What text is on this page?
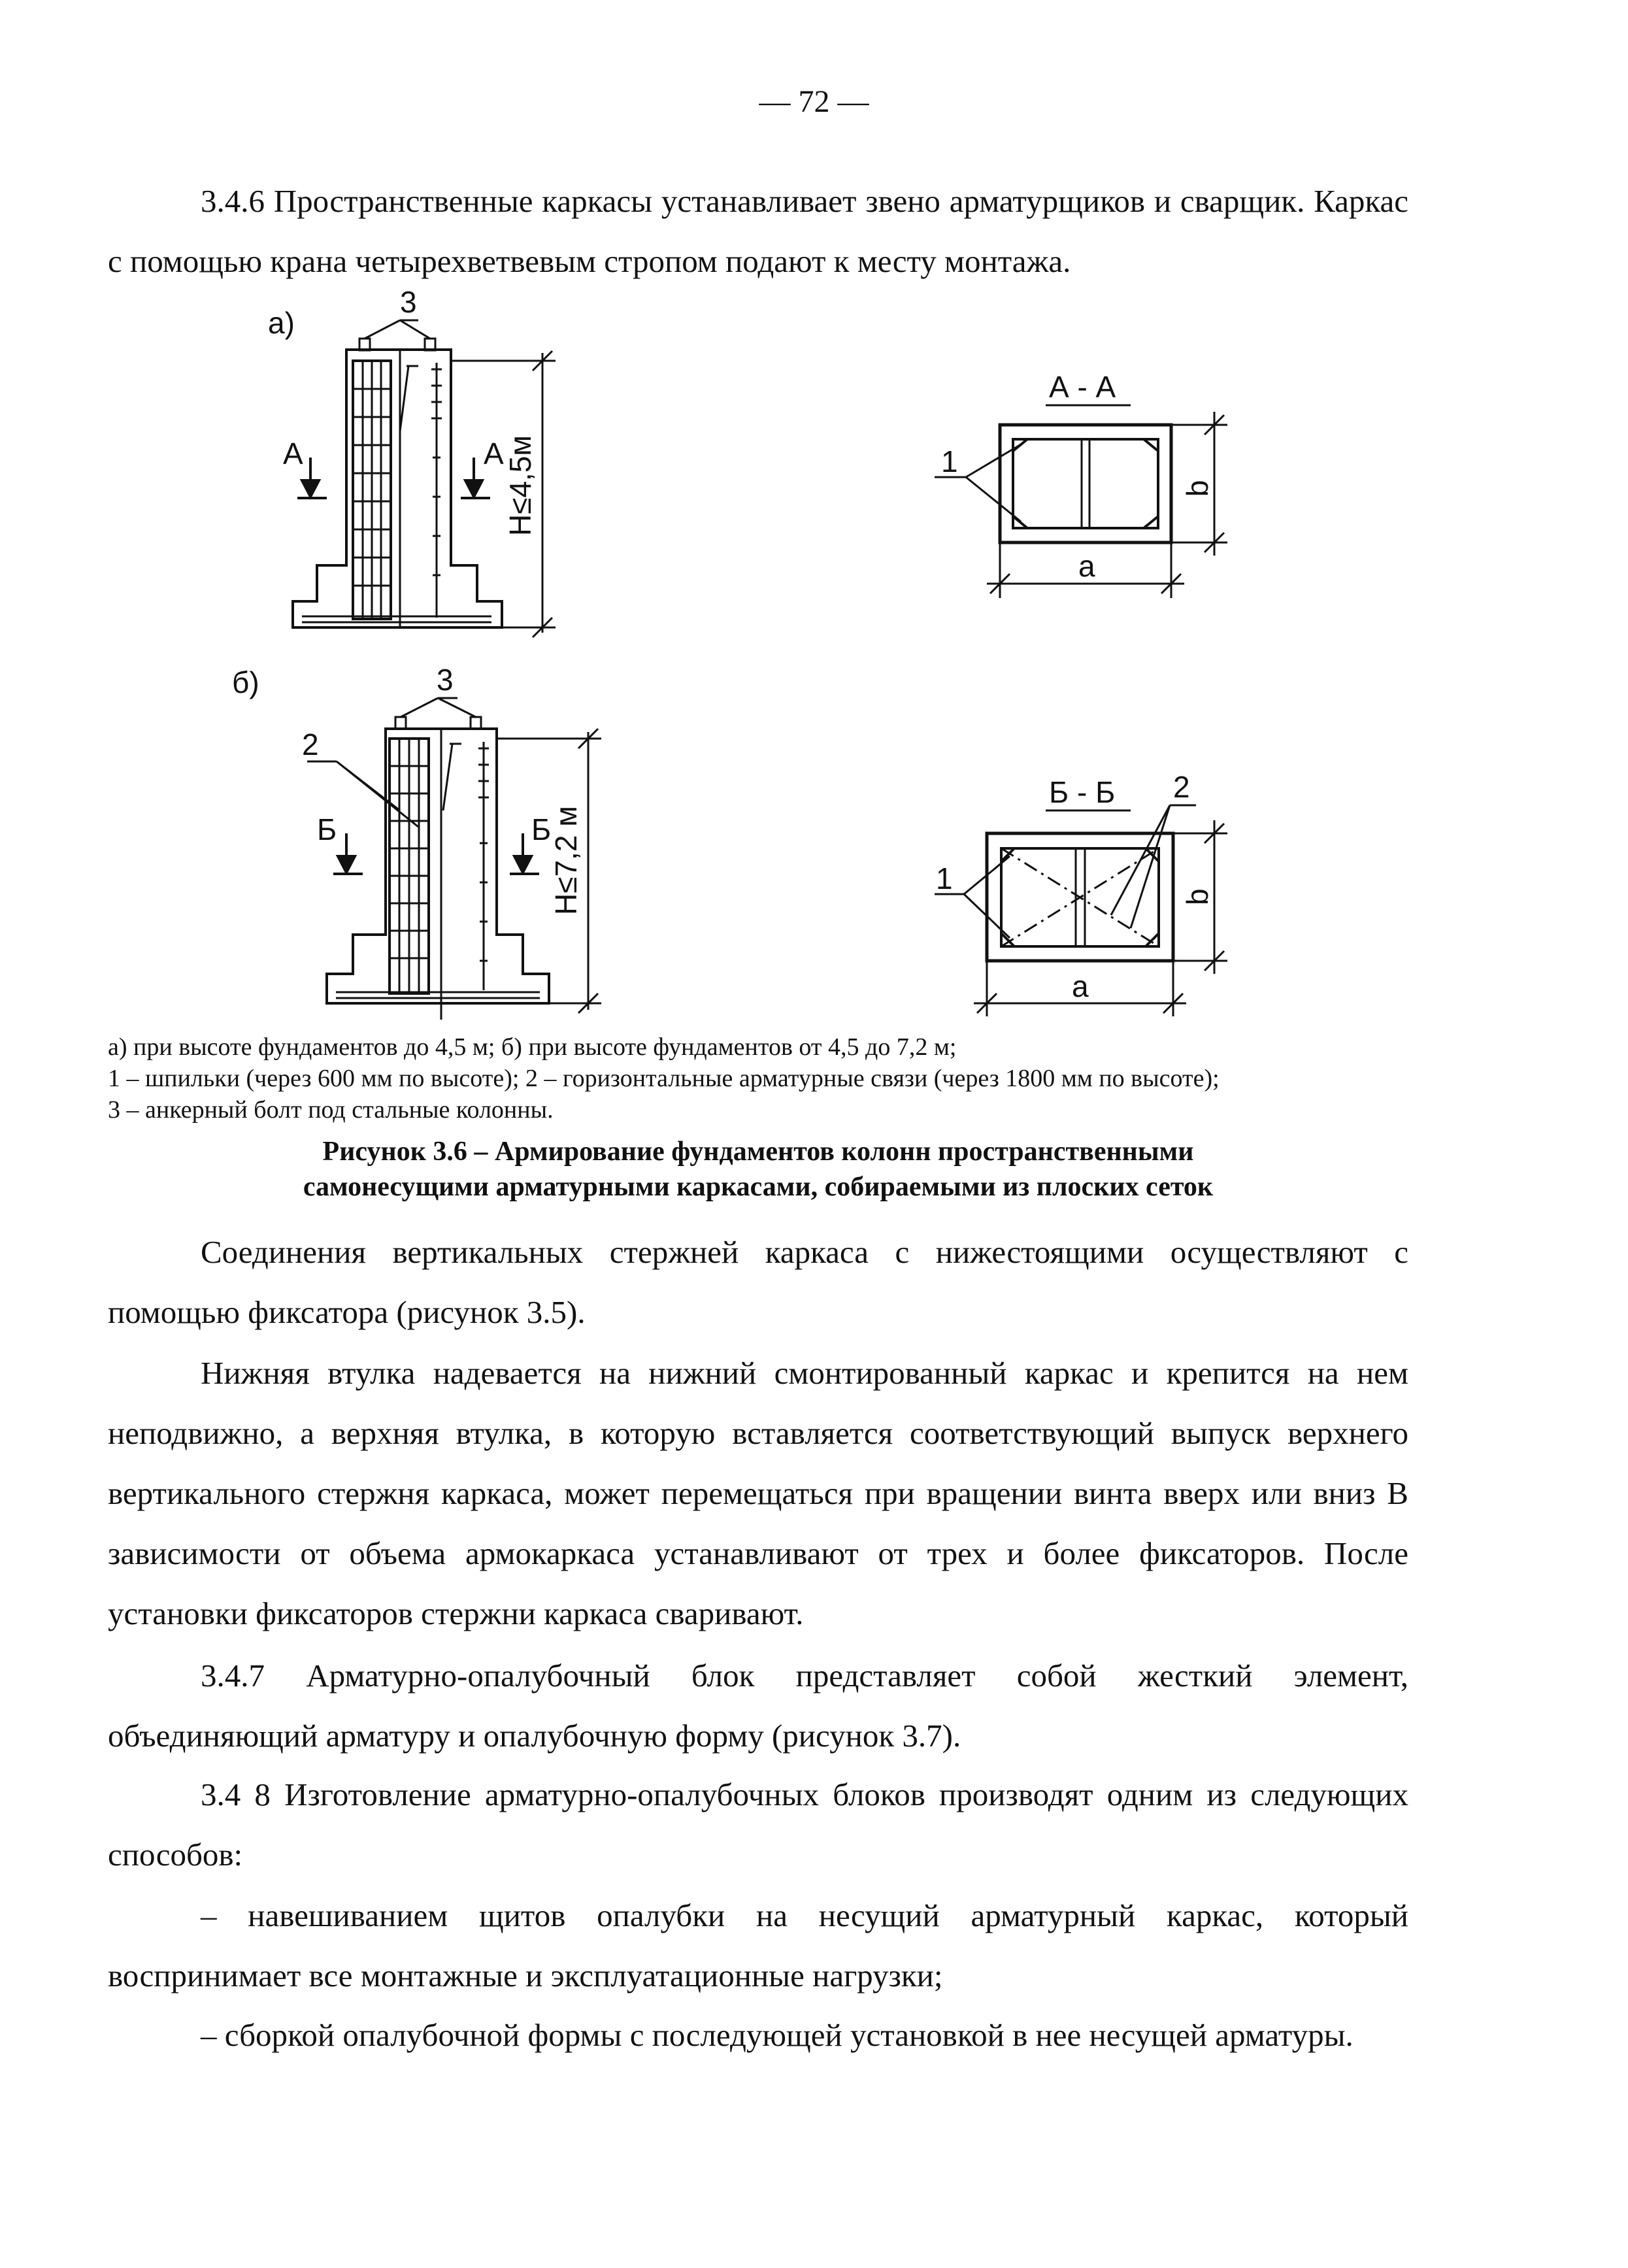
— 72 —

3.4.6 Пространственные каркасы устанавливает звено арматурщиков и сварщик. Каркас с помощью крана четырехветвевым стропом подают к месту монтажа.

а)
б)
3
3
2
А	А
Б	Б
H≤4,5м
H≤7,2 м
А - А
Б - Б 2
1
1
а
а
b
b
а) при высоте фундаментов до 4,5 м; б) при высоте фундаментов от 4,5 до 7,2 м;
1 – шпильки (через 600 мм по высоте); 2 – горизонтальные арматурные связи (через 1800 мм по высоте);
3 – анкерный болт под стальные колонны.
Рисунок 3.6 – Армирование фундаментов колонн пространственными
самонесущими арматурными каркасами, собираемыми из плоских сеток

Соединения вертикальных стержней каркаса с нижестоящими осуществляют с помощью фиксатора (рисунок 3.5).

Нижняя втулка надевается на нижний смонтированный каркас и крепится на нем неподвижно, а верхняя втулка, в которую вставляется соответствующий выпуск верхнего вертикального стержня каркаса, может перемещаться при вращении винта вверх или вниз В зависимости от объема армокаркаса устанавливают от трех и более фиксаторов. После установки фиксаторов стержни каркаса сваривают.

3.4.7 Арматурно-опалубочный блок представляет собой жесткий элемент, объединяющий арматуру и опалубочную форму (рисунок 3.7).

3.4 8 Изготовление арматурно-опалубочных блоков производят одним из следующих способов:

– навешиванием щитов опалубки на несущий арматурный каркас, который воспринимает все монтажные и эксплуатационные нагрузки;

– сборкой опалубочной формы с последующей установкой в нее несущей арматуры.
